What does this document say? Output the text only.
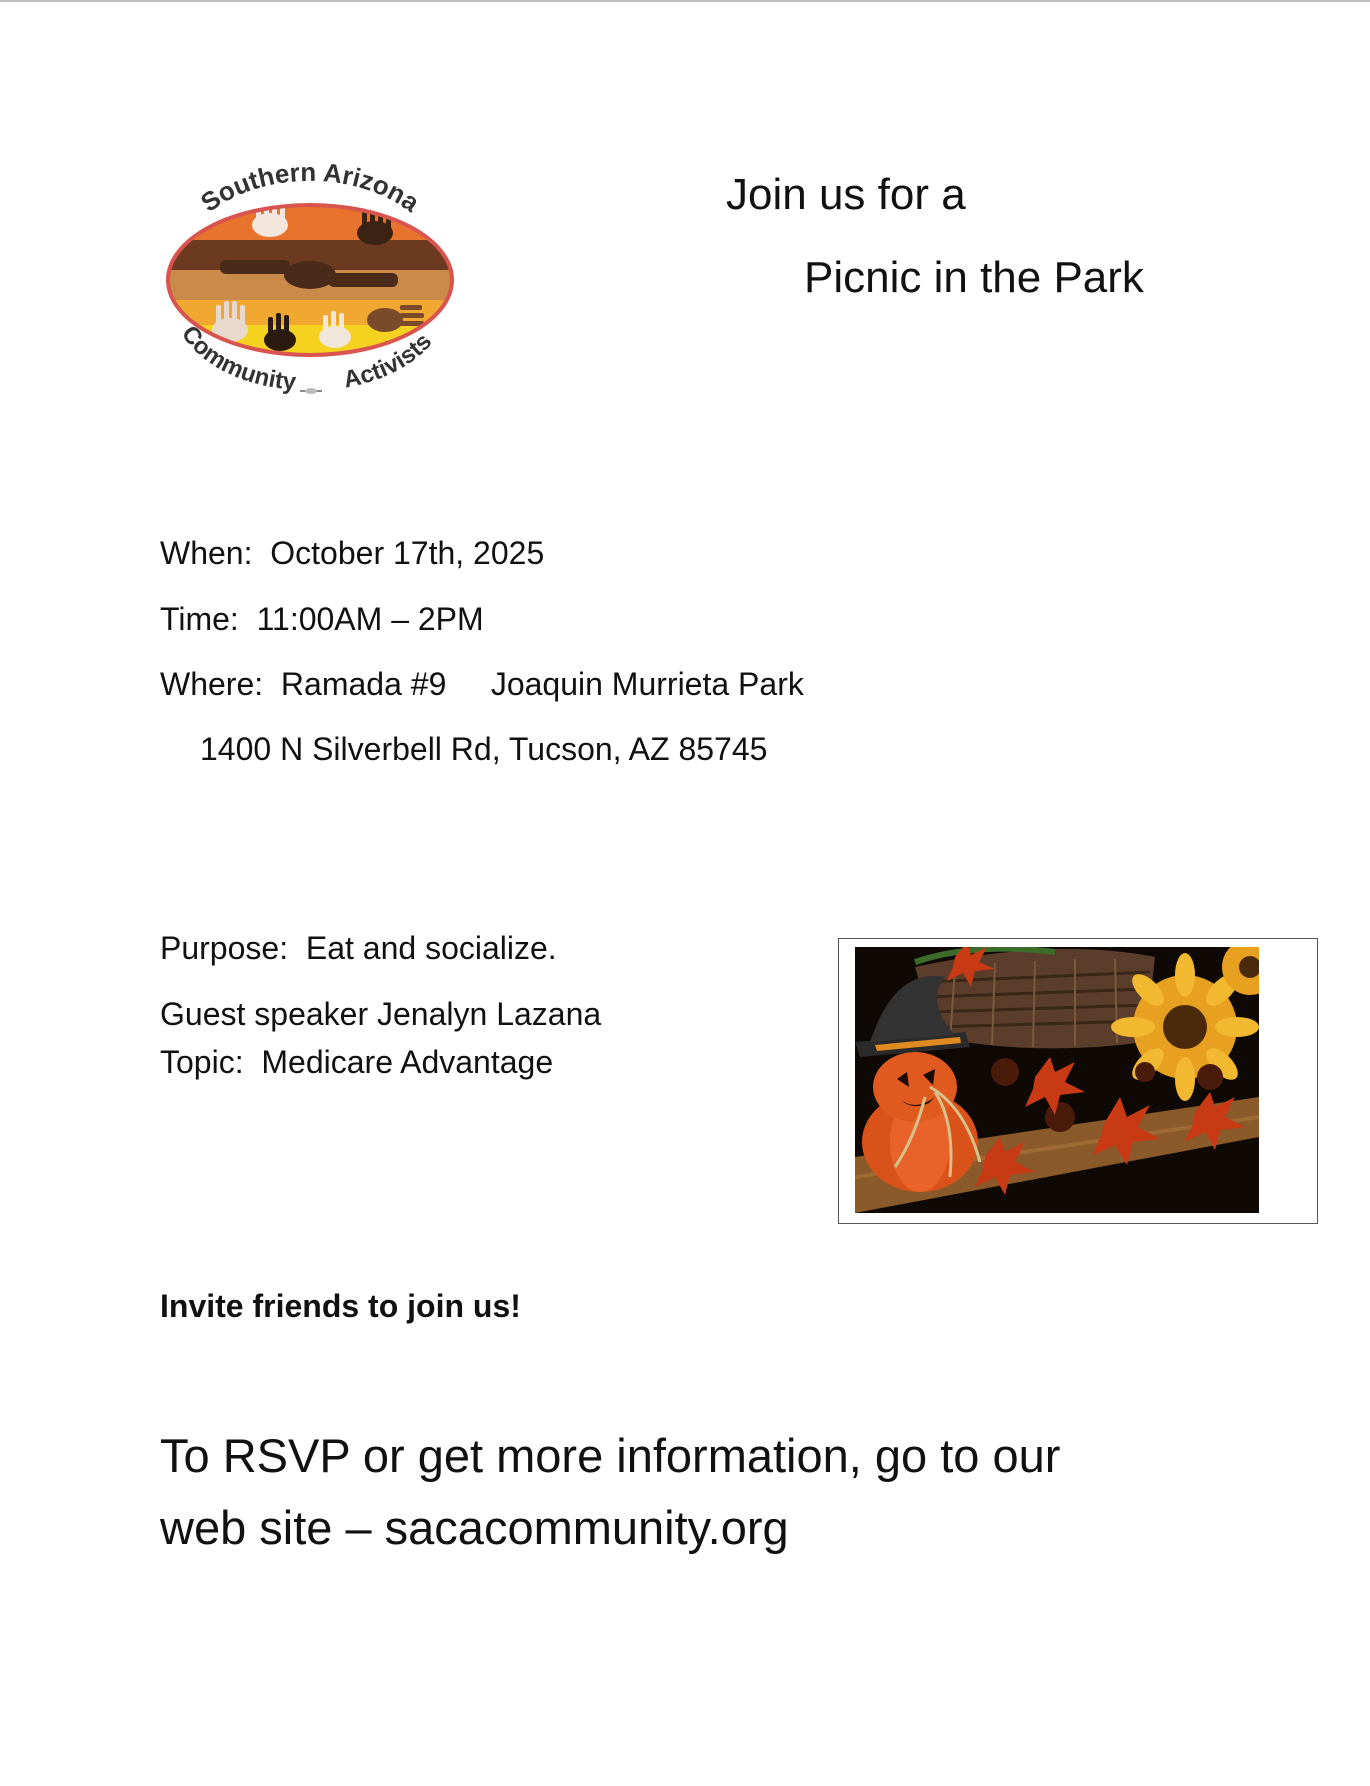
Southern Arizona
Community Activists
Join us for a
Picnic in the Park
When:  October 17th, 2025
Time:  11:00AM – 2PM
Where:  Ramada #9     Joaquin Murrieta Park
1400 N Silverbell Rd, Tucson, AZ 85745
Purpose:  Eat and socialize.
Guest speaker Jenalyn Lazana
Topic:  Medicare Advantage
Invite friends to join us!
To RSVP or get more information, go to our
web site – sacacommunity.org
